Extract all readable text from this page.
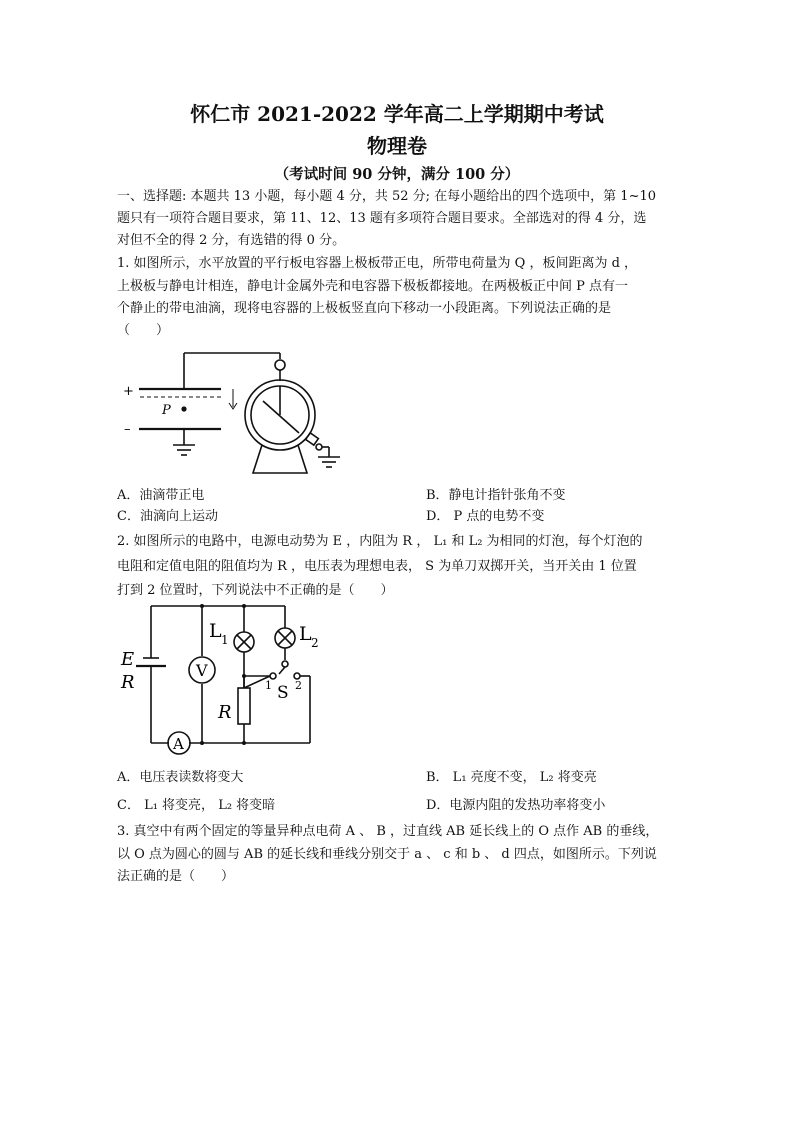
怀仁市 2021-2022 学年高二上学期期中考试
物理卷
（考试时间 90 分钟，满分 100 分）
一、选择题: 本题共 13 小题，每小题 4 分，共 52 分; 在每小题给出的四个选项中，第 1~10
题只有一项符合题目要求，第 11、12、13 题有多项符合题目要求。全部选对的得 4 分，选
对但不全的得 2 分，有选错的得 0 分。
1. 如图所示，水平放置的平行板电容器上极板带正电，所带电荷量为 Q ，板间距离为 d ，
上极板与静电计相连，静电计金属外壳和电容器下极板都接地。在两极板正中间 P 点有一
个静止的带电油滴，现将电容器的上极板竖直向下移动一小段距离。下列说法正确的是
（　　）
+
–
P
A．油滴带正电	B．静电计指针张角不变
C．油滴向上运动	D． P 点的电势不变
2. 如图所示的电路中，电源电动势为 E ，内阻为 R ， L₁ 和 L₂ 为相同的灯泡，每个灯泡的
电阻和定值电阻的阻值均为 R ，电压表为理想电表， S 为单刀双掷开关，当开关由 1 位置
打到 2 位置时，下列说法中不正确的是（　　）
E
R
V
A
L 1	L 2
R
S
1 2
A．电压表读数将变大	B． L₁ 亮度不变， L₂ 将变亮
C． L₁ 将变亮， L₂ 将变暗	D．电源内阻的发热功率将变小
3. 真空中有两个固定的等量异种点电荷 A 、 B ，过直线 AB 延长线上的 O 点作 AB 的垂线，
以 O 点为圆心的圆与 AB 的延长线和垂线分别交于 a 、 c 和 b 、 d 四点，如图所示。下列说
法正确的是（　　）
